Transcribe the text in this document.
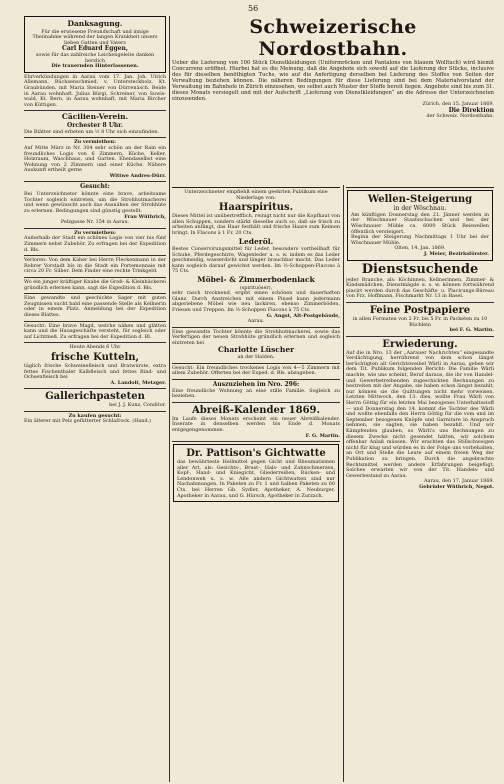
56

Danksagung.

Für die erwiesene Freundschaft und innige Theilnahme während der langen Krankheit unsers lieben Gatten und Vaters

Carl Eduard Eggen,

sowie für das zahlreiche Leichengeleite danken herzlich

Die trauernden Hinterlassenen.

Ehrverkündungen in Aarau vom 17. Jan. Joh. Ulrich Allemann, Büchsenschmied, v. Untersteckholz, Kt. Graubünden, mit Maria Steiner von Dürrenäsch. Beide in Aarau wohnhaft. Julius Bürgi, Schreiner, von Suwis-wald, Kt. Bern, in Aarau wohnhaft, mit Maria Bircher von Küttigen.

Cäcilien-Verein.

Orchester 8 Uhr.

Die Blätter sind erbeten um ½ 8 Uhr sich einzufinden.

Zu vermiethen:

Auf Mitte März in Nr. 304 sehr schön an der Rain ein freundliches Logis von 6 Zimmern, Küche, Keller, Holzraum, Waschhaus, und Garten. Ebendaselbst eine Wohnung von 2 Zimmern und einer Küche. Nähere Auskunft ertheilt gerne

Wittwe Andres-Dürr.

Gesucht:

Bei Unterzeichneter könnte eine brave, arbeitsame Tochter sogleich eintreten, um die Strohhutmacherei und wenn gewünscht auch das Ausnähen der Strohhüte zu erlernen. Bedingungen sind günstig gestellt.

Frau Wüthrich,

Pelzgasse Nr. 154 in Aarau.

Zu vermiethen:

Außerhalb der Stadt ein schönes Logis von vier bis fünf Zimmern nebst Zubehör. Zu erfragen bei der Expedition d. Bls.

Verloren: Von dem Käher bei Herrn Fleckenmann in der Rohrer Vorstadt bis in die Stadt ein Portemonnaie mit circa 20 Fr. Silber. Dem Finder eine rechte Trinkgeld.

Wo ein junger kräftiger Knabe die Groß- & Kleinbäckerei gründlich erlernen kann, sagt die Expedition d. Bls.

Eine gewandte und geschickte Sager mit guten Zeugnissen sucht bald eine passende Stelle als Kellnerin oder in einem Platz. Anmeldung bei der Expedition dieses Blattes.

Gesucht: Eine brave Magd, welche nähen und glätten kann und die Hausgeschäfte versteht, für sogleich oder auf Lichtmeß. Zu erfragen bei der Expedition d. Bl.

Heute Abends 6 Uhr

frische Kutteln,

täglich frische Schweinefleisch und Bratwürste, extra fettes Fischenthaler Kalbfleisch und fettes Rind- und Ochsenfleisch bei

A. Landolt, Metzger.

Gallerichpasteten

bei J. J. Kunz, Conditor.

Zu kaufen gesucht:

Ein älterer mit Pelz gefütterter Schlafrock. (Hand.)

Schweizerische Nordostbahn.

Ueber die Lieferung von 100 Stück Dienstkleidungen (Uniformröcken und Pantalons von blauem Wolltuch) wird hiemit Concurrenz eröffnet. Hierbei hat es die Meinung, daß die Angebote sich sowohl auf die Lieferung der Stücke, inclusive des für dieselben benöthigten Tuchs, wie auf die Anfertigung derselben bei Lieferung des Stoffes von Seiten der Verwaltung beziehen können. Die näheren Bedingungen für diese Lieferung sind bei dem Materialvorstand der Verwaltung im Bahnhofe in Zürich einzusehen, wo selbst auch Muster der Stoffe bereit liegen. Angebote sind bis zum 31. dieses Monats versiegelt und mit der Aufschrift „Lieferung von Dienstkleidungen“ an die Adresse der Unterzeichneten einzusenden.

Zürich, den 15. Januar 1869.

Die Direktion

der Schweiz. Nordostbahn.

Unterzeichneter empfiehlt einem geehrten Publikum eine Niederlage von:

Haarspiritus.

Dieses Mittel ist unübertrefflich, reinigt nicht nur die Kopfhaut von allen Schuppen, sondern stärkt dieselbe auch so, daß sie frisch zu arbeiten anfängt, das Haar festhält und frische Haare zum Keimen bringt. In Flacons à 1 Fr. 20 Cts.

Lederöl.

Bestes Conservirungsmittel für Leder, besonders vortheilhaft für Schuhe, Pferdegeschirre, Wagenleder u. s. w. indem es das Leder geschmeidig, wasserdicht und länger brauchbar macht. Das Leder kann sogleich darauf gewichst werden. Im ½-Schoppen-Flacons à 75 Cts.

Möbel- & Zimmerbodenlack

(spirituöser),

sehr rasch trocknend, ergibt einen schönen und dauerhaften Glanz. Durch Anstreichen mit einem Pinsel kann jedermann abgeriebene Möbel wie neu lackiren, ebenso Zimmerböden, Friesen und Treppen. Im ½-Schoppen Flacons à 75 Cts.

G. Angst, Alt-Postgebäude,

Aarau.

Eine gewandte Tochter könnte die Strohhutmacherei, sowie das Verfertigen der neuen Strohhüte gründlich erlernen und sogleich eintreten bei

Charlotte Lüscher

an der Halden.

Gesucht: Ein freundliches trockenes Logis von 4—5 Zimmern mit allem Zubehör. Offerten bei der Exped. d. Bls. abzugeben.

Auszuziehen im Nro. 296:

Eine freundliche Wohnung an eine stille Familie. Sogleich zu beziehen.

Abreiß-Kalender 1869.

Im Laufe dieses Monats erscheint ein neuer Abreißkalender. Inserate in denselben werden bis Ende d. Monats entgegengenommen.

F. G. Martin.

Dr. Pattison's Gichtwatte

das bewährteste Heilmittel gegen Gicht und Rheumatismen aller Art, als: Gesichts-, Brust-, Hals- und Zahnschmerzen, Kopf-, Hand- und Kniegicht, Gliederreißen, Rücken- und Lendenweh u. s. w. Alle andern Gichtwatten sind nur Nachahmungen. In Paketen zu Fr. 1 und halben Paketen zu 60 Cts. bei Herren Gb. Sydler, Apotheker, A. Neuburger, Apotheker in Aarau, und G. Hürsch, Apotheker in Zurzach.

Wellen-Steigerung

in der Wöschnau.

Am künftigen Donnerstag den 21. Jänner werden in der Wöschnauer Staatsschachen und bei der Wöschnauer Mühle ca. 6000 Stück Reiswellen öffentlich versteigert.

Beginn der Steigerung Nachmittags 1 Uhr bei der Wöschnauer Mühle.

Olten, 14. Jan. 1869.

J. Meier, Bezirksförster.

Dienstsuchende

jeder Branche, als: Köchinnen, Kellnerinnen, Zimmer- & Kindsmädchen, Dienstmägde u. s. w. können fortwährend placirt werden durch das Geschäfts- u. Placirungs-Büreau von Frz. Hoffmann, Fischmarkt Nr. 13 in Basel.

Feine Postpapiere

in allen Formaten von 2 Fr. bis 5 Fr. in Packeten zu 10 Büchlein

bei F. G. Martin.

Erwiederung.

Auf die in Nro. 13 der „Aarauer Nachrichten“ eingesandte Verdächtigung, herrührend von dem schon längst berüchtigten alt Gerichtsweibel Wärli in Aarau, geben wir dem Tit. Publikum folgenden Bericht: Die Familie Wärli machte, wie uns scheint, Beruf daraus, die ihr von Handel- und Gewerbetreibenden zugeschickten Rechnungen zu bestreiten mit der Angabe, sie haben schon längst bezahlt, nur können sie die Quittungen nicht mehr vorweisen. Letzten Mittwoch, den 13. dies, wollte Frau Wärli von Herrn Göttig für ein letzten Mai bezogenes Unterhaltsstoff — und Donnerstag den 14. kommt die Tochter des Wärli und wollte ebenfalls den Herrn Göttig für die vom und im September bezogenen Knöpfe und Garniture in Anspruch nehmen, sie sagten, sie haben bezahlt. Und wir Kämpfenden glauben, so Wärli's uns Rechnungen zu diesem Zwecke nicht gesendet hätten, wir solchem offenbar Anlaß müssen. Wir erachten das Stillschweigen nicht für klug und würden es in der Folge uns vorbehalten, an Ort und Stelle die Leute auf einem freien Weg der Publikation zu bringen. Durch die angebrachte Rechtsmittel werden andere Erfahrungen beigefügt. Solches erwarten wir von der Tit. Handels- und Gewerbestand zu Aarau.

Aarau, den 17. Januar 1869.

Gebrüder Wüthrich, Negot.
